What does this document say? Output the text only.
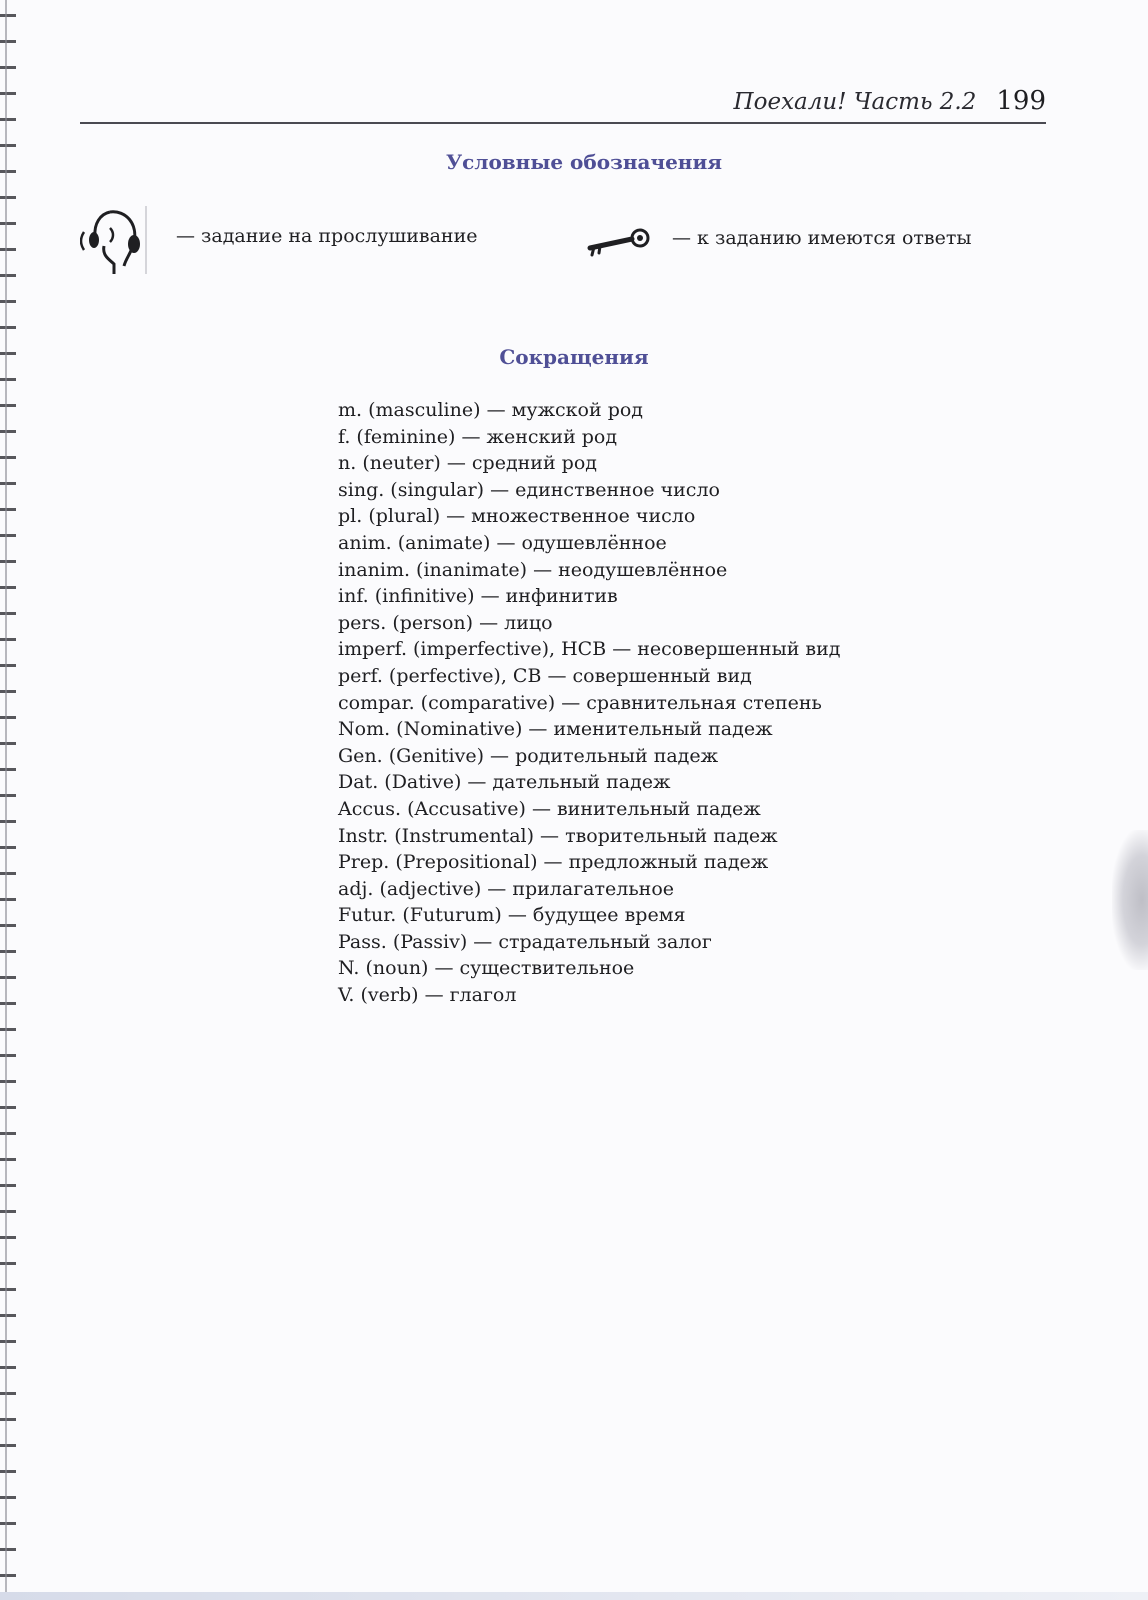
Поехали! Часть 2.2 199
Условные обозначения
— задание на прослушивание	— к заданию имеются ответы
Сокращения
m. (masculine) — мужской род
f. (feminine) — женский род
n. (neuter) — средний род
sing. (singular) — единственное число
pl. (plural) — множественное число
anim. (animate) — одушевлённое
inanim. (inanimate) — неодушевлённое
inf. (infinitive) — инфинитив
pers. (person) — лицо
imperf. (imperfective), НСВ — несовершенный вид
perf. (perfective), СВ — совершенный вид
compar. (comparative) — сравнительная степень
Nom. (Nominative) — именительный падеж
Gen. (Genitive) — родительный падеж
Dat. (Dative) — дательный падеж
Accus. (Accusative) — винительный падеж
Instr. (Instrumental) — творительный падеж
Prep. (Prepositional) — предложный падеж
adj. (adjective) — прилагательное
Futur. (Futurum) — будущее время
Pass. (Passiv) — страдательный залог
N. (noun) — существительное
V. (verb) — глагол
